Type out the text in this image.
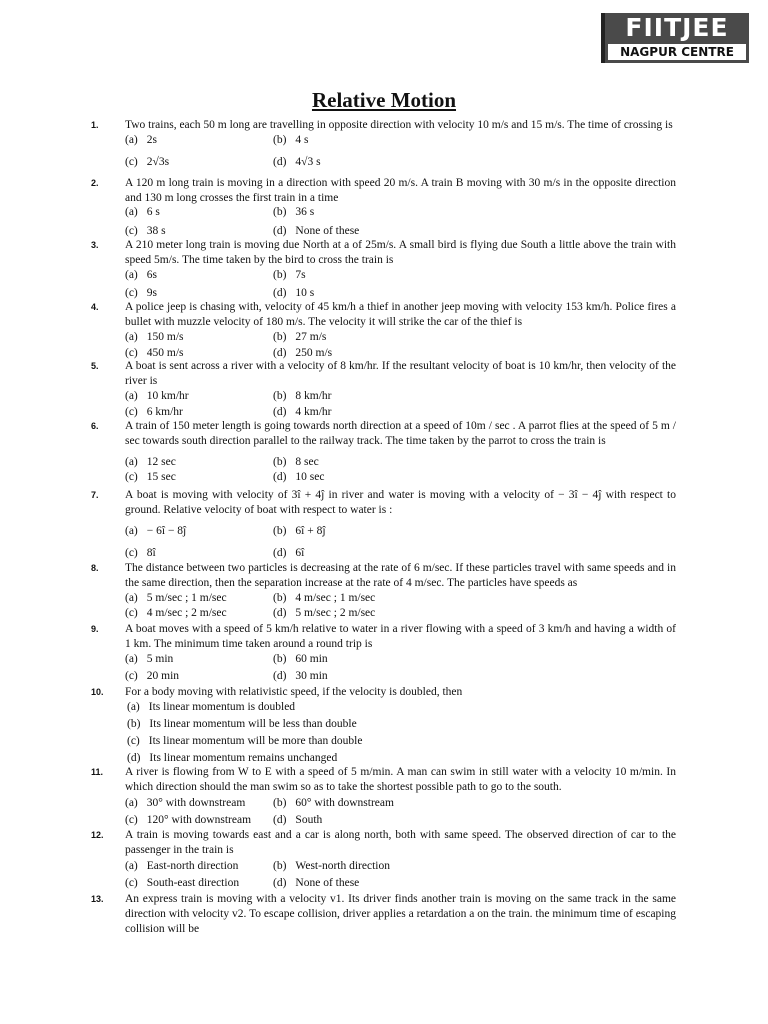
FIITJEE
NAGPUR CENTRE
Relative Motion
1. Two trains, each 50 m long are travelling in opposite direction with velocity 10 m/s and 15 m/s. The time of crossing is
(a) 2s	(b) 4 s
(c) 2√3s	(d) 4√3 s
2. A 120 m long train is moving in a direction with speed 20 m/s. A train B moving with 30 m/s in the opposite direction and 130 m long crosses the first train in a time
(a) 6 s	(b) 36 s
(c) 38 s	(d) None of these
3. A 210 meter long train is moving due North at a of 25m/s. A small bird is flying due South a little above the train with speed 5m/s. The time taken by the bird to cross the train is
(a) 6s	(b) 7s
(c) 9s	(d) 10 s
4. A police jeep is chasing with, velocity of 45 km/h a thief in another jeep moving with velocity 153 km/h. Police fires a bullet with muzzle velocity of 180 m/s. The velocity it will strike the car of the thief is
(a) 150 m/s	(b) 27 m/s
(c) 450 m/s	(d) 250 m/s
5. A boat is sent across a river with a velocity of 8 km/hr. If the resultant velocity of boat is 10 km/hr, then velocity of the river is
(a) 10 km/hr	(b) 8 km/hr
(c) 6 km/hr	(d) 4 km/hr
6. A train of 150 meter length is going towards north direction at a speed of 10m / sec . A parrot flies at the speed of 5 m / sec towards south direction parallel to the railway track. The time taken by the parrot to cross the train is
(a) 12 sec	(b) 8 sec
(c) 15 sec	(d) 10 sec
7. A boat is moving with velocity of 3î + 4ĵ in river and water is moving with a velocity of − 3î − 4ĵ with respect to ground. Relative velocity of boat with respect to water is :
(a) − 6î − 8ĵ	(b) 6î + 8ĵ
(c) 8î	(d) 6î
8. The distance between two particles is decreasing at the rate of 6 m/sec. If these particles travel with same speeds and in the same direction, then the separation increase at the rate of 4 m/sec. The particles have speeds as
(a) 5 m/sec ; 1 m/sec	(b) 4 m/sec ; 1 m/sec
(c) 4 m/sec ; 2 m/sec	(d) 5 m/sec ; 2 m/sec
9. A boat moves with a speed of 5 km/h relative to water in a river flowing with a speed of 3 km/h and having a width of 1 km. The minimum time taken around a round trip is
(a) 5 min	(b) 60 min
(c) 20 min	(d) 30 min
10. For a body moving with relativistic speed, if the velocity is doubled, then
(a) Its linear momentum is doubled
(b) Its linear momentum will be less than double
(c) Its linear momentum will be more than double
(d) Its linear momentum remains unchanged
11. A river is flowing from W to E with a speed of 5 m/min. A man can swim in still water with a velocity 10 m/min. In which direction should the man swim so as to take the shortest possible path to go to the south.
(a) 30° with downstream (b) 60° with downstream
(c) 120° with downstream (d) South
12. A train is moving towards east and a car is along north, both with same speed. The observed direction of car to the passenger in the train is
(a) East-north direction	(b) West-north direction
(c) South-east direction	(d) None of these
13. An express train is moving with a velocity v1. Its driver finds another train is moving on the same track in the same direction with velocity v2. To escape collision, driver applies a retardation a on the train. the minimum time of escaping collision will be
